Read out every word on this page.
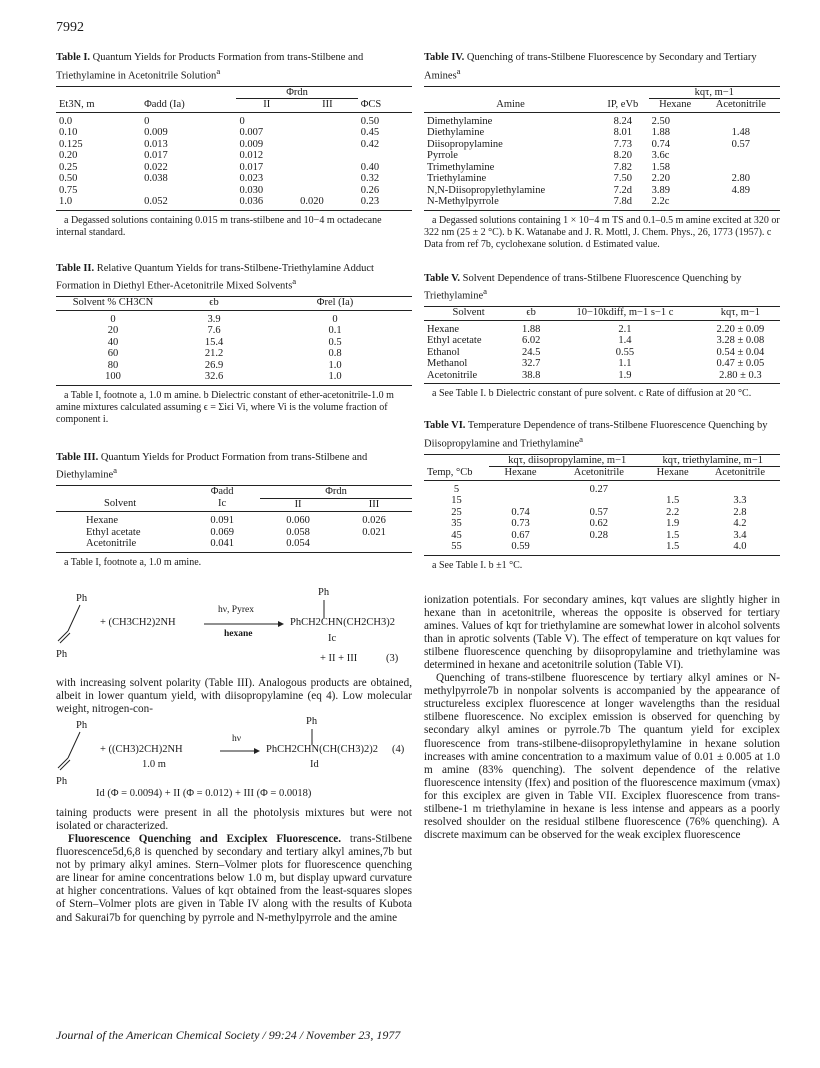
7992

Table I. Quantum Yields for Products Formation from trans-Stilbene and Triethylamine in Acetonitrile Solution$^a$

		Φrdn		
Et3N, m	Φadd (Ia)	II	III	ΦCS
0.0	0	0		0.50
0.10	0.009	0.007		0.45
0.125	0.013	0.009		0.42
0.20	0.017	0.012		
0.25	0.022	0.017		0.40
0.50	0.038	0.023		0.32
0.75		0.030		0.26
1.0	0.052	0.036	0.020	0.23

a Degassed solutions containing 0.015 m trans-stilbene and 10−4 m octadecane internal standard.

Table II. Relative Quantum Yields for trans-Stilbene-Triethylamine Adduct Formation in Diethyl Ether-Acetonitrile Mixed Solvents$^a$

Solvent % CH3CN	ϵb	Φrel (Ia)
0	3.9	0
20	7.6	0.1
40	15.4	0.5
60	21.2	0.8
80	26.9	1.0
100	32.6	1.0

a Table I, footnote a, 1.0 m amine. b Dielectric constant of ether-acetonitrile-1.0 m amine mixtures calculated assuming ϵ = Σiϵi Vi, where Vi is the volume fraction of component i.

Table III. Quantum Yields for Product Formation from trans-Stilbene and Diethylamine$^a$

	Φadd	Φrdn	
Solvent	Ic	II	III
Hexane	0.091	0.060	0.026
Ethyl acetate	0.069	0.058	0.021
Acetonitrile	0.041	0.054	

a Table I, footnote a, 1.0 m amine.

Ph
Ph
+ (CH3CH2)2NH
hν, Pyrex
hexane
Ph
PhCH2CHN(CH2CH3)2
Ic
+ II + III	(3)

with increasing solvent polarity (Table III). Analogous products are obtained, albeit in lower quantum yield, with diisopropylamine (eq 4). Low molecular weight, nitrogen-con-

Ph
Ph
+ ((CH3)2CH)2NH
1.0 m
hν
Ph
PhCH2CHN(CH(CH3)2)2 (4)
Id
Id (Φ = 0.0094) + II (Φ = 0.012) + III (Φ = 0.0018)

taining products were present in all the photolysis mixtures but were not isolated or characterized.

Fluorescence Quenching and Exciplex Fluorescence. trans-Stilbene fluorescence5d,6,8 is quenched by secondary and tertiary alkyl amines,7b but not by primary alkyl amines. Stern–Volmer plots for fluorescence quenching are linear for amine concentrations below 1.0 m, but display upward curvature at higher concentrations. Values of kqτ obtained from the least-squares slopes of Stern–Volmer plots are given in Table IV along with the results of Kubota and Sakurai7b for quenching by pyrrole and N-methylpyrrole and the amine

Table IV. Quenching of trans-Stilbene Fluorescence by Secondary and Tertiary Amines$^a$

		kqτ, m−1	
Amine	IP, eVb	Hexane	Acetonitrile
Dimethylamine	8.24	2.50	
Diethylamine	8.01	1.88	1.48
Diisopropylamine	7.73	0.74	0.57
Pyrrole	8.20	3.6c	
Trimethylamine	7.82	1.58	
Triethylamine	7.50	2.20	2.80
N,N-Diisopropylethylamine	7.2d	3.89	4.89
N-Methylpyrrole	7.8d	2.2c	

a Degassed solutions containing 1 × 10−4 m TS and 0.1–0.5 m amine excited at 320 or 322 nm (25 ± 2 °C). b K. Watanabe and J. R. Mottl, J. Chem. Phys., 26, 1773 (1957). c Data from ref 7b, cyclohexane solution. d Estimated value.

Table V. Solvent Dependence of trans-Stilbene Fluorescence Quenching by Triethylamine$^a$

Solvent	ϵb	10−10kdiff, m−1 s−1 c	kqτ, m−1
Hexane	1.88	2.1	2.20 ± 0.09
Ethyl acetate	6.02	1.4	3.28 ± 0.08
Ethanol	24.5	0.55	0.54 ± 0.04
Methanol	32.7	1.1	0.47 ± 0.05
Acetonitrile	38.8	1.9	2.80 ± 0.3

a See Table I. b Dielectric constant of pure solvent. c Rate of diffusion at 20 °C.

Table VI. Temperature Dependence of trans-Stilbene Fluorescence Quenching by Diisopropylamine and Triethylamine$^a$

	kqτ, diisopropylamine, m−1		kqτ, triethylamine, m−1	
Temp, °Cb	Hexane	Acetonitrile	Hexane	Acetonitrile
5		0.27		
15			1.5	3.3
25	0.74	0.57	2.2	2.8
35	0.73	0.62	1.9	4.2
45	0.67	0.28	1.5	3.4
55	0.59		1.5	4.0

a See Table I. b ±1 °C.

ionization potentials. For secondary amines, kqτ values are slightly higher in hexane than in acetonitrile, whereas the opposite is observed for tertiary amines. Values of kqτ for triethylamine are somewhat lower in alcohol solvents than in aprotic solvents (Table V). The effect of temperature on kqτ values for stilbene fluorescence quenching by diisopropylamine and triethylamine was determined in hexane and acetonitrile solution (Table VI).

Quenching of trans-stilbene fluorescence by tertiary alkyl amines or N-methylpyrrole7b in nonpolar solvents is accompanied by the appearance of structureless exciplex fluorescence at longer wavelengths than the residual stilbene fluorescence. No exciplex emission is observed for quenching by secondary alkyl amines or pyrrole.7b The quantum yield for exciplex fluorescence from trans-stilbene-diisopropylethylamine in hexane solution increases with amine concentration to a maximum value of 0.01 ± 0.005 at 1.0 m amine (83% quenching). The solvent dependence of the relative fluorescence intensity (Ifex) and position of the fluorescence maximum (νmax) for this exciplex are given in Table VII. Exciplex fluorescence from trans-stilbene-1 m triethylamine in hexane is less intense and appears as a poorly resolved shoulder on the residual stilbene fluorescence (76% quenching). A discrete maximum can be observed for the weak exciplex fluorescence

Journal of the American Chemical Society / 99:24 / November 23, 1977
